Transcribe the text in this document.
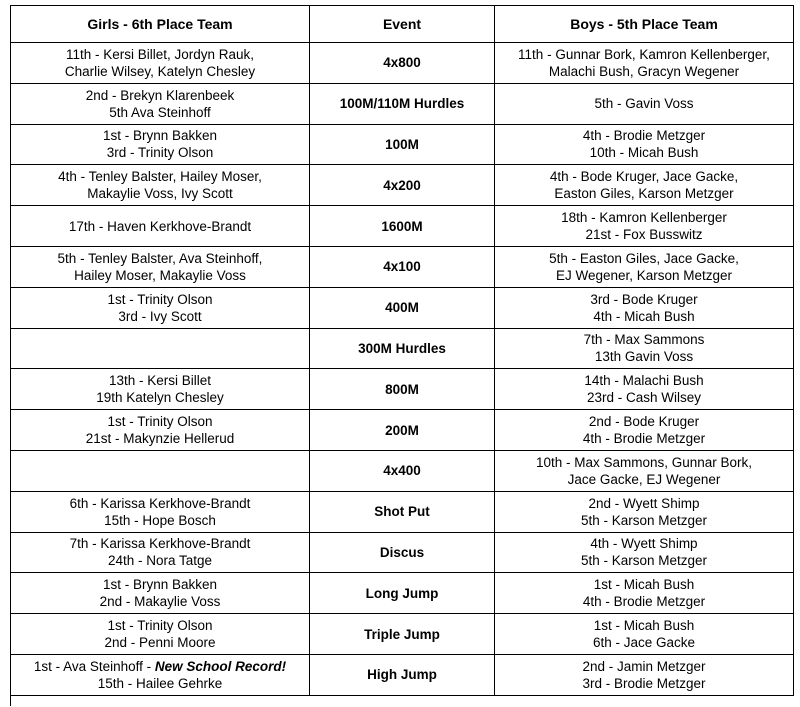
Girls - 6th Place Team	Event	Boys - 5th Place Team

11th - Kersi Billet, Jordyn Rauk,
Charlie Wilsey, Katelyn Chesley	4x800	11th - Gunnar Bork, Kamron Kellenberger,
Malachi Bush, Gracyn Wegener

2nd - Brekyn Klarenbeek
5th Ava Steinhoff	100M/110M Hurdles	5th - Gavin Voss

1st - Brynn Bakken
3rd - Trinity Olson	100M	4th - Brodie Metzger
10th - Micah Bush

4th - Tenley Balster, Hailey Moser,
Makaylie Voss, Ivy Scott	4x200	4th - Bode Kruger, Jace Gacke,
Easton Giles, Karson Metzger

17th - Haven Kerkhove-Brandt	1600M	18th - Kamron Kellenberger
21st - Fox Busswitz

5th - Tenley Balster, Ava Steinhoff,
Hailey Moser, Makaylie Voss	4x100	5th - Easton Giles, Jace Gacke,
EJ Wegener, Karson Metzger

1st - Trinity Olson
3rd - Ivy Scott	400M	3rd - Bode Kruger
4th - Micah Bush

	300M Hurdles	7th - Max Sammons
13th Gavin Voss

13th - Kersi Billet
19th Katelyn Chesley	800M	14th - Malachi Bush
23rd - Cash Wilsey

1st - Trinity Olson
21st - Makynzie Hellerud	200M	2nd - Bode Kruger
4th - Brodie Metzger

	4x400	10th - Max Sammons, Gunnar Bork,
Jace Gacke, EJ Wegener

6th - Karissa Kerkhove-Brandt
15th - Hope Bosch	Shot Put	2nd - Wyett Shimp
5th - Karson Metzger

7th - Karissa Kerkhove-Brandt
24th - Nora Tatge	Discus	4th - Wyett Shimp
5th - Karson Metzger

1st - Brynn Bakken
2nd - Makaylie Voss	Long Jump	1st - Micah Bush
4th - Brodie Metzger

1st - Trinity Olson
2nd - Penni Moore	Triple Jump	1st - Micah Bush
6th - Jace Gacke

1st - Ava Steinhoff - New School Record!
15th - Hailee Gehrke	High Jump	2nd - Jamin Metzger
3rd - Brodie Metzger
